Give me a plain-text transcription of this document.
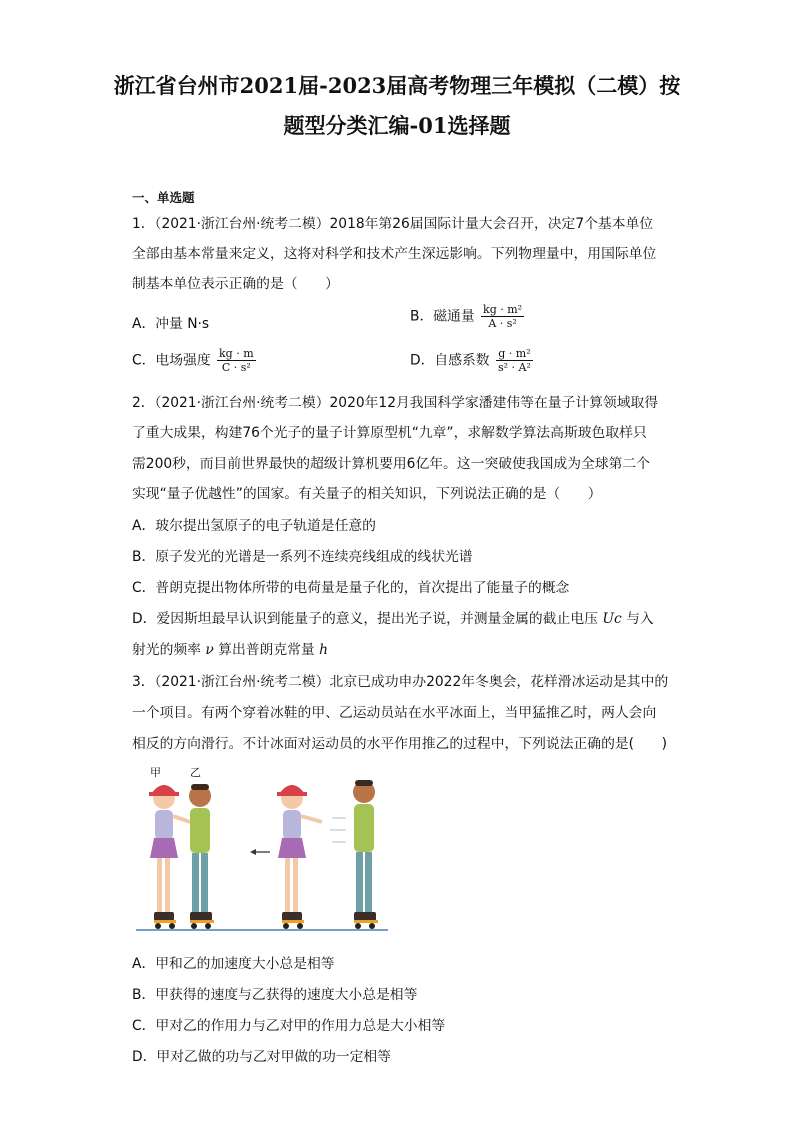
浙江省台州市2021届-2023届高考物理三年模拟（二模）按
题型分类汇编-01选择题
一、单选题
1．（2021·浙江台州·统考二模）2018年第26届国际计量大会召开，决定7个基本单位
全部由基本常量来定义，这将对科学和技术产生深远影响。下列物理量中，用国际单位
制基本单位表示正确的是（　　）
A．冲量 N·s	B．磁通量 $\frac{\text{kg · m²}}{\text{A · s²}}$
C．电场强度 $\frac{kg \cdot m}{\text{C · s²}}$	D．自感系数 $\frac{\text{g · m²}}{\text{s² · A²}}$
2．（2021·浙江台州·统考二模）2020年12月我国科学家潘建伟等在量子计算领域取得
了重大成果，构建76个光子的量子计算原型机“九章”，求解数学算法高斯玻色取样只
需200秒，而目前世界最快的超级计算机要用6亿年。这一突破使我国成为全球第二个
实现“量子优越性”的国家。有关量子的相关知识，下列说法正确的是（　　）
A．玻尔提出氢原子的电子轨道是任意的
B．原子发光的光谱是一系列不连续亮线组成的线状光谱
C．普朗克提出物体所带的电荷量是量子化的，首次提出了能量子的概念
D．爱因斯坦最早认识到能量子的意义，提出光子说，并测量金属的截止电压 Uc 与入
射光的频率 ν 算出普朗克常量 h
3．（2021·浙江台州·统考二模）北京已成功申办2022年冬奥会，花样滑冰运动是其中的
一个项目。有两个穿着冰鞋的甲、乙运动员站在水平冰面上，当甲猛推乙时，两人会向
相反的方向滑行。不计冰面对运动员的水平作用推乙的过程中，下列说法正确的是(　　)
甲	乙
A．甲和乙的加速度大小总是相等
B．甲获得的速度与乙获得的速度大小总是相等
C．甲对乙的作用力与乙对甲的作用力总是大小相等
D．甲对乙做的功与乙对甲做的功一定相等
